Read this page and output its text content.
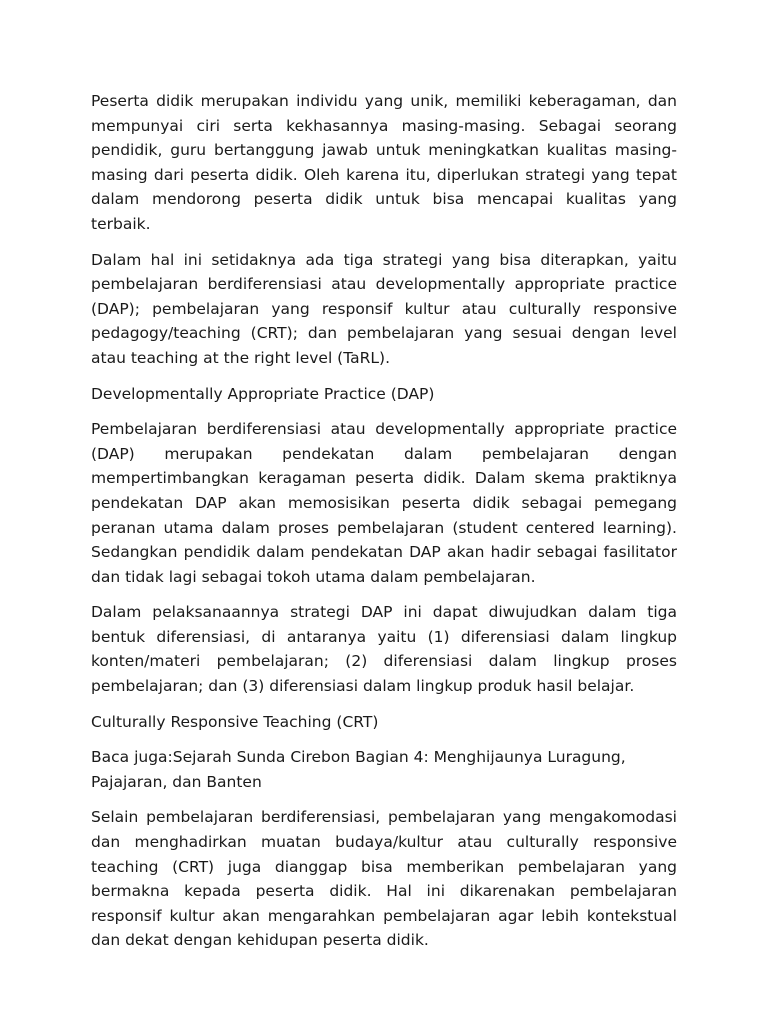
Peserta didik merupakan individu yang unik, memiliki keberagaman, dan mempunyai ciri serta kekhasannya masing-masing. Sebagai seorang pendidik, guru bertanggung jawab untuk meningkatkan kualitas masing-masing dari peserta didik. Oleh karena itu, diperlukan strategi yang tepat dalam mendorong peserta didik untuk bisa mencapai kualitas yang terbaik.

Dalam hal ini setidaknya ada tiga strategi yang bisa diterapkan, yaitu pembelajaran berdiferensiasi atau developmentally appropriate practice (DAP); pembelajaran yang responsif kultur atau culturally responsive pedagogy/teaching (CRT); dan pembelajaran yang sesuai dengan level atau teaching at the right level (TaRL).

Developmentally Appropriate Practice (DAP)

Pembelajaran berdiferensiasi atau developmentally appropriate practice (DAP) merupakan pendekatan dalam pembelajaran dengan mempertimbangkan keragaman peserta didik. Dalam skema praktiknya pendekatan DAP akan memosisikan peserta didik sebagai pemegang peranan utama dalam proses pembelajaran (student centered learning). Sedangkan pendidik dalam pendekatan DAP akan hadir sebagai fasilitator dan tidak lagi sebagai tokoh utama dalam pembelajaran.

Dalam pelaksanaannya strategi DAP ini dapat diwujudkan dalam tiga bentuk diferensiasi, di antaranya yaitu (1) diferensiasi dalam lingkup konten/materi pembelajaran; (2) diferensiasi dalam lingkup proses pembelajaran; dan (3) diferensiasi dalam lingkup produk hasil belajar.

Culturally Responsive Teaching (CRT)

Baca juga:Sejarah Sunda Cirebon Bagian 4: Menghijaunya Luragung, Pajajaran, dan Banten

Selain pembelajaran berdiferensiasi, pembelajaran yang mengakomodasi dan menghadirkan muatan budaya/kultur atau culturally responsive teaching (CRT) juga dianggap bisa memberikan pembelajaran yang bermakna kepada peserta didik. Hal ini dikarenakan pembelajaran responsif kultur akan mengarahkan pembelajaran agar lebih kontekstual dan dekat dengan kehidupan peserta didik.
